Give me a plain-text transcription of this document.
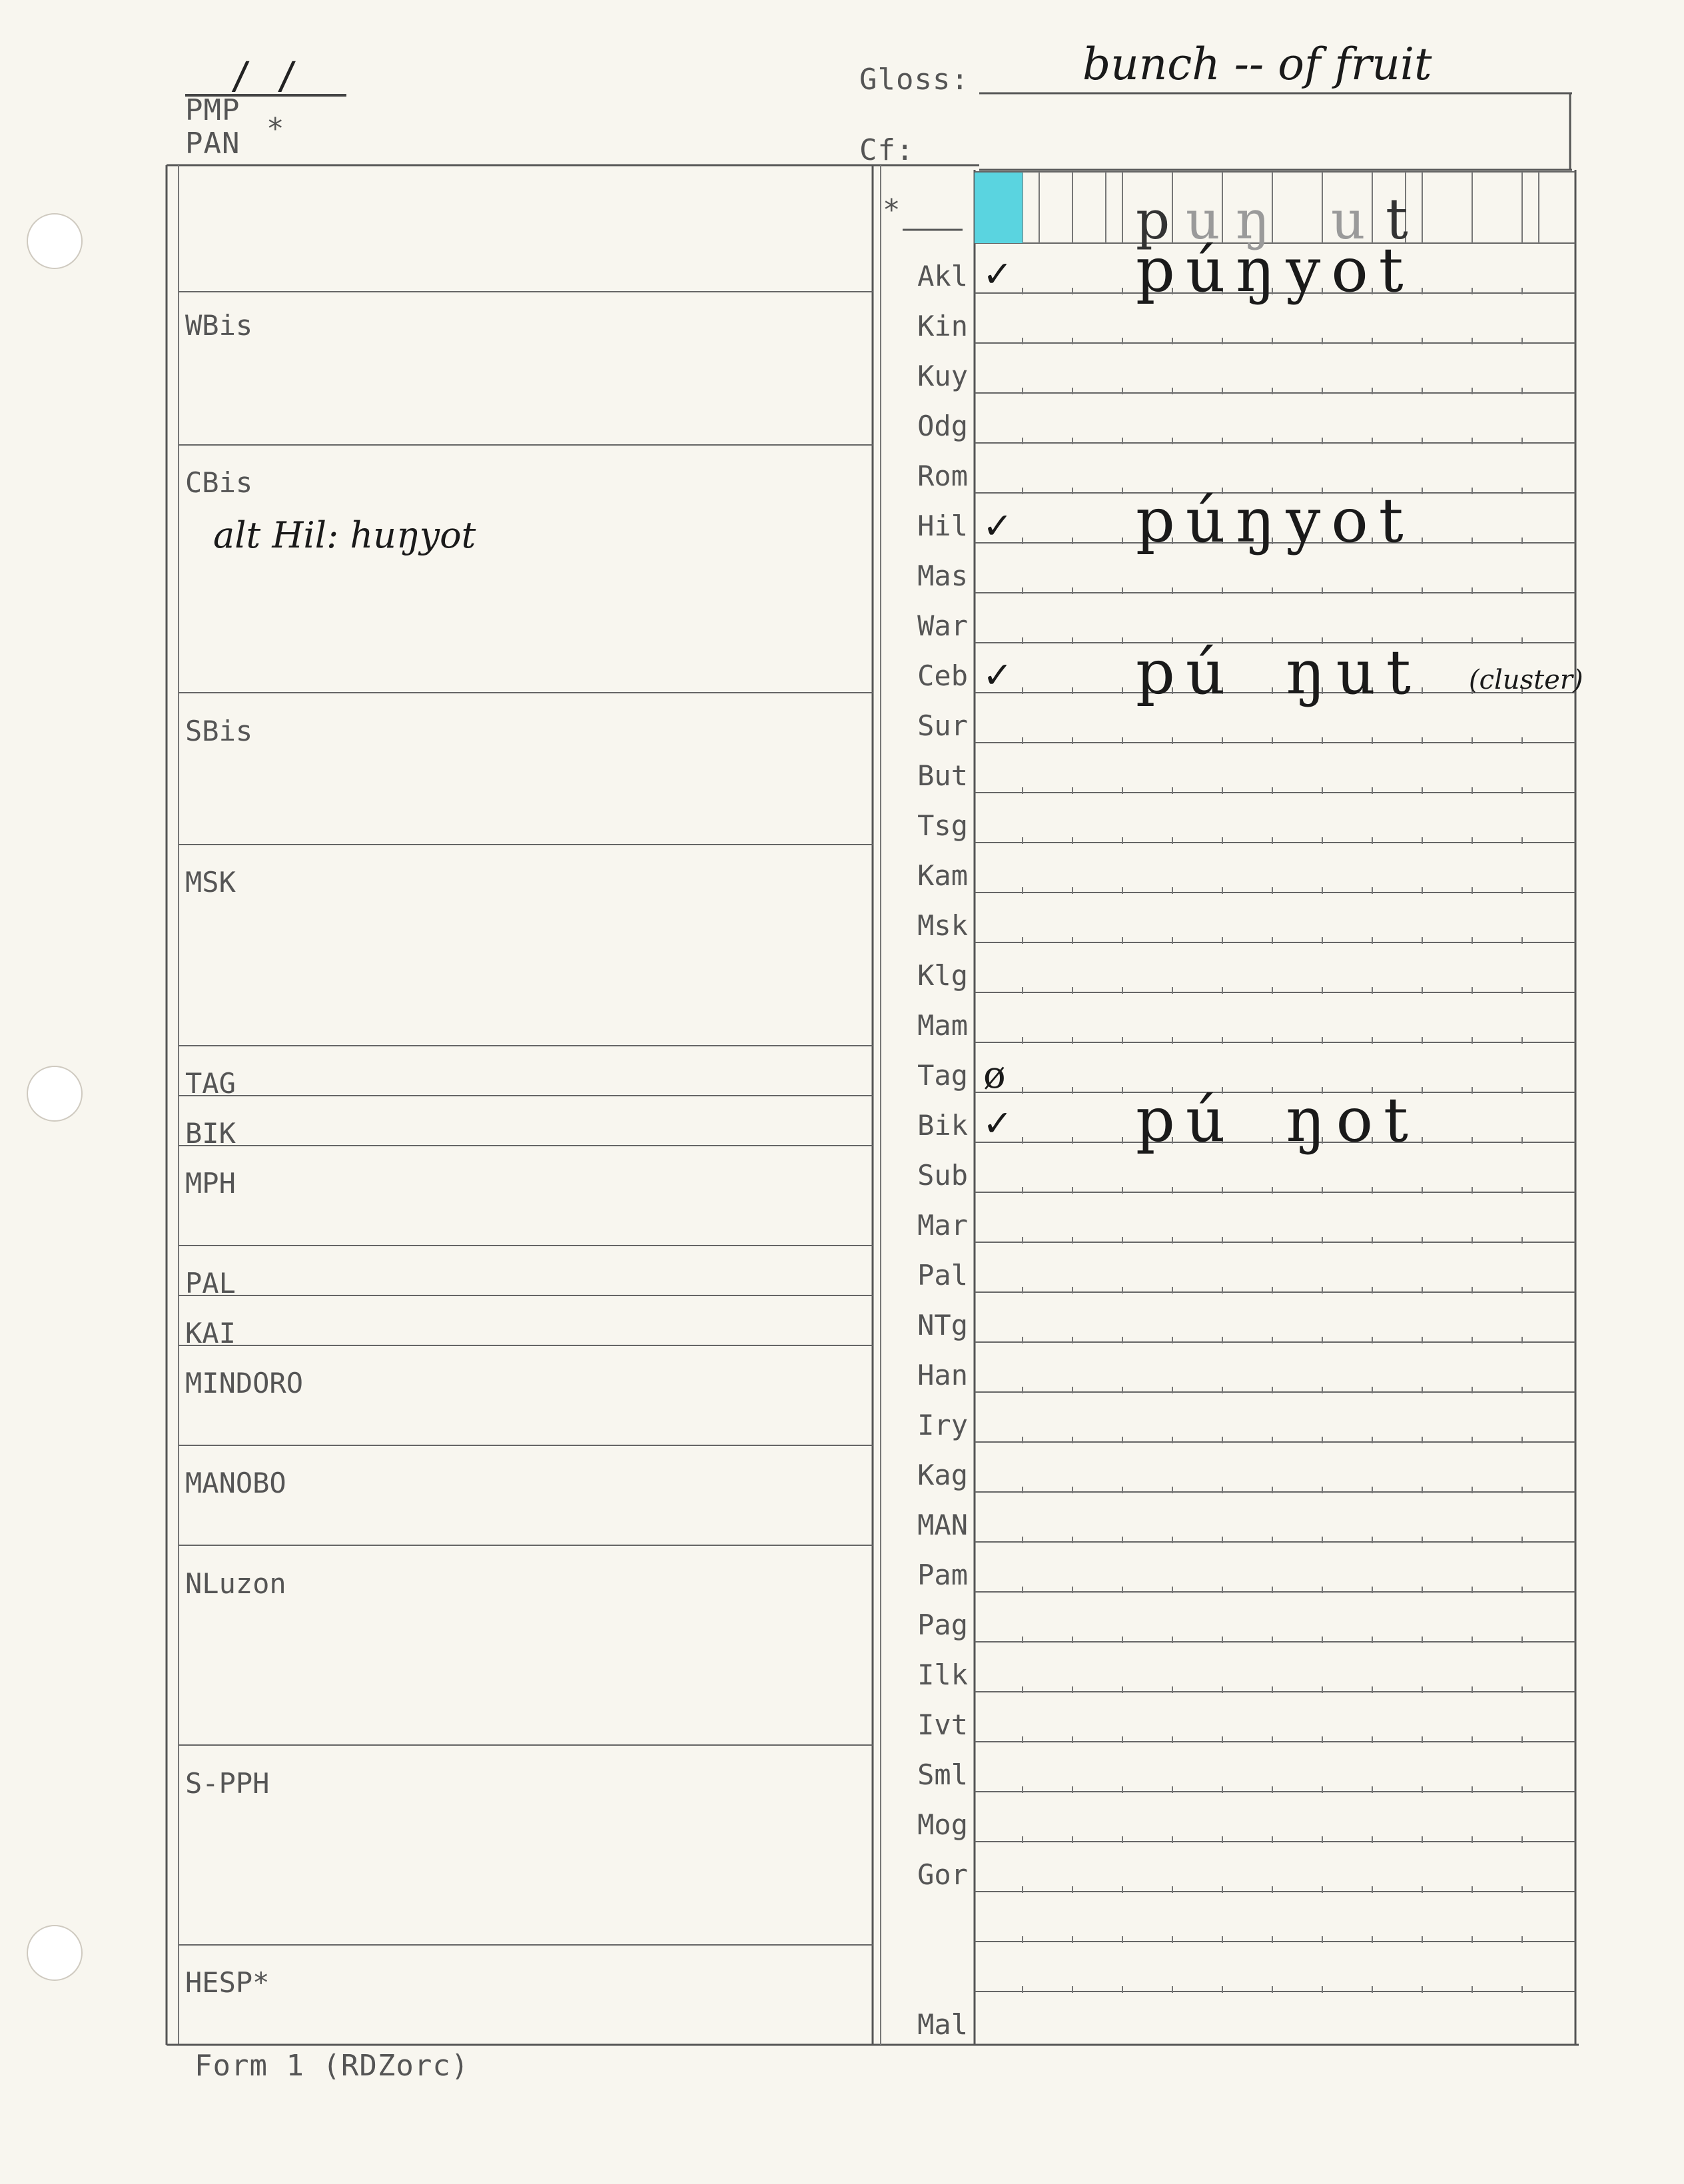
/ /
PMP
*
PAN
Gloss:	bunch -- of fruit
Cf:
*	p u ŋ u t
WBis
CBis
alt Hil: huŋyot
SBis
MSK
TAG
BIK
MPH
PAL
KAI
MINDORO
MANOBO
NLuzon
S-PPH
HESP*
Akl
Kin
Kuy
Odg
Rom
Hil
Mas
War
Ceb
Sur
But
Tsg
Kam
Msk
Klg
Mam
Tag
Bik
Sub
Mar
Pal
NTg
Han
Iry
Kag
MAN
Pam
Pag
Ilk
Ivt
Sml
Mog
Gor
Mal
✓ púŋyot
✓ púŋyot
✓ pú ŋut (cluster)
ø
✓ pú ŋot
Form 1 (RDZorc)
